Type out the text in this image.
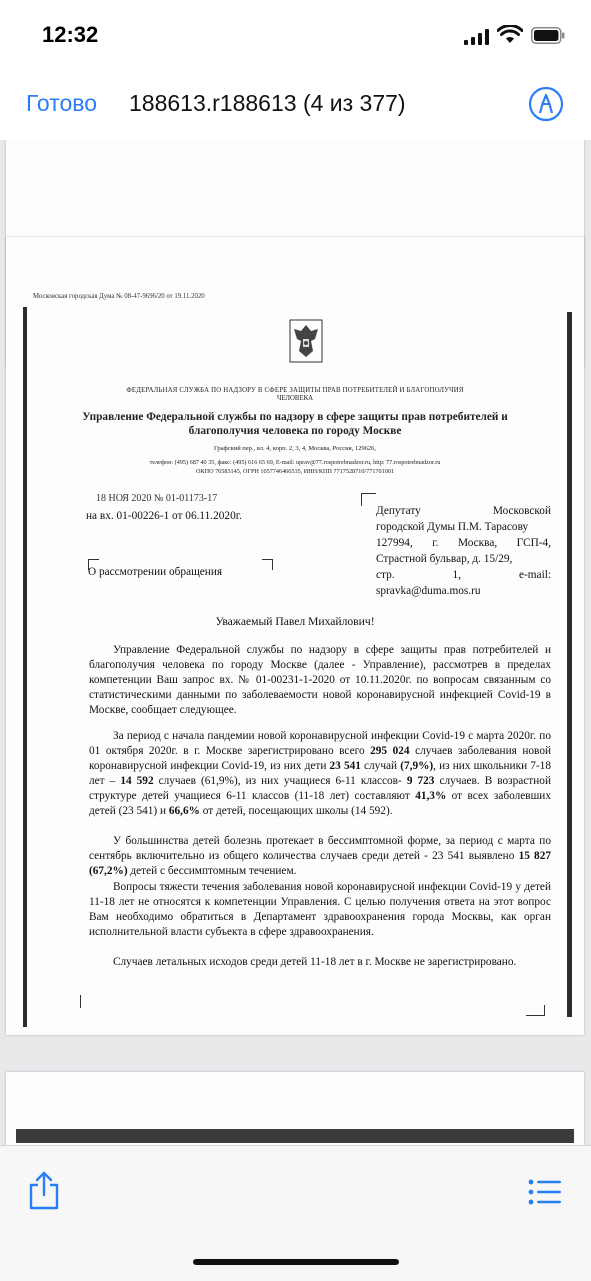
12:32
Готово 188613.r188613 (4 из 377)
Московская городская Дума № 08-47-9696/20 от 19.11.2020
ФЕДЕРАЛЬНАЯ СЛУЖБА ПО НАДЗОРУ В СФЕРЕ ЗАЩИТЫ ПРАВ ПОТРЕБИТЕЛЕЙ И БЛАГОПОЛУЧИЯ
ЧЕЛОВЕКА
Управление Федеральной службы по надзору в сфере защиты прав потребителей и
благополучия человека по городу Москве
Графский пер., вл. 4, корп. 2, 3, 4, Москва, Россия, 129626,
телефон: (495) 687 40 35, факс: (495) 616 65 69, E-mail: uprav@77.rospotrebnadzor.ru, http: 77.rospotrebnadzor.ru
ОКПО 76583145, ОГРН 1057746466535, ИНН/КПП 7717528710/771701001
18 НОЯ 2020 № 01-01173-17
на вх. 01-00226-1 от 06.11.2020г.	Депутату Московской
городской Думы П.М. Тарасову
127994, г. Москва, ГСП-4,
Страстной бульвар, д. 15/29,
стр. 1, e-mail:
spravka@duma.mos.ru
О рассмотрении обращения
Уважаемый Павел Михайлович!
Управление Федеральной службы по надзору в сфере защиты прав потребителей и благополучия человека по городу Москве (далее - Управление), рассмотрев в пределах компетенции Ваш запрос вх. № 01-00231-1-2020 от 10.11.2020г. по вопросам связанным со статистическими данными по заболеваемости новой коронавирусной инфекцией Covid-19 в Москве, сообщает следующее.
За период с начала пандемии новой коронавирусной инфекции Covid-19 с марта 2020г. по 01 октября 2020г. в г. Москве зарегистрировано всего 295 024 случаев заболевания новой коронавирусной инфекции Covid-19, из них дети 23 541 случай (7,9%), из них школьники 7-18 лет – 14 592 случаев (61,9%), из них учащиеся 6-11 классов- 9 723 случаев. В возрастной структуре детей учащиеся 6-11 классов (11-18 лет) составляют 41,3% от всех заболевших детей (23 541) и 66,6% от детей, посещающих школы (14 592).
У большинства детей болезнь протекает в бессимптомной форме, за период с марта по сентябрь включительно из общего количества случаев среди детей - 23 541 выявлено 15 827 (67,2%) детей с бессимптомным течением.
Вопросы тяжести течения заболевания новой коронавирусной инфекции Covid-19 у детей 11-18 лет не относятся к компетенции Управления. С целью получения ответа на этот вопрос Вам необходимо обратиться в Департамент здравоохранения города Москвы, как орган исполнительной власти субъекта в сфере здравоохранения.
Случаев летальных исходов среди детей 11-18 лет в г. Москве не зарегистрировано.
